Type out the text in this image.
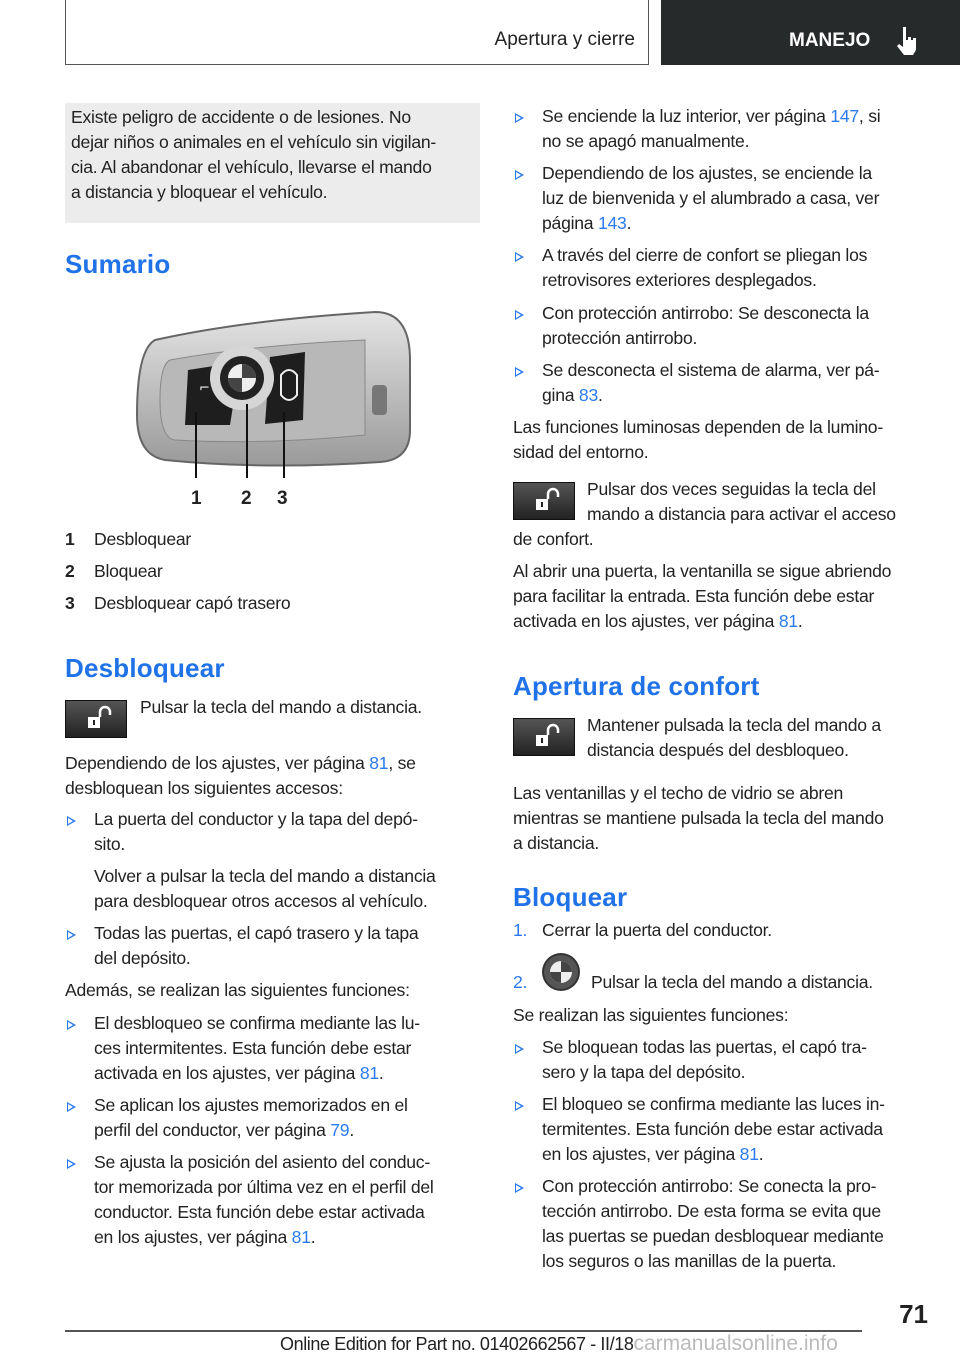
Apertura y cierre	MANEJO
Existe peligro de accidente o de lesiones. No
dejar niños o animales en el vehículo sin vigilan-
cia. Al abandonar el vehículo, llevarse el mando
a distancia y bloquear el vehículo.
Sumario
⌐
1 2 3
1 Desbloquear
2 Bloquear
3 Desbloquear capó trasero
Desbloquear
Pulsar la tecla del mando a distancia.
Dependiendo de los ajustes, ver página 81, se
desbloquean los siguientes accesos:
La puerta del conductor y la tapa del depó-
sito.
Volver a pulsar la tecla del mando a distancia
para desbloquear otros accesos al vehículo.
Todas las puertas, el capó trasero y la tapa
del depósito.
Además, se realizan las siguientes funciones:
El desbloqueo se confirma mediante las lu-
ces intermitentes. Esta función debe estar
activada en los ajustes, ver página 81.
Se aplican los ajustes memorizados en el
perfil del conductor, ver página 79.
Se ajusta la posición del asiento del conduc-
tor memorizada por última vez en el perfil del
conductor. Esta función debe estar activada
en los ajustes, ver página 81.
Se enciende la luz interior, ver página 147, si
no se apagó manualmente.
Dependiendo de los ajustes, se enciende la
luz de bienvenida y el alumbrado a casa, ver
página 143.
A través del cierre de confort se pliegan los
retrovisores exteriores desplegados.
Con protección antirrobo: Se desconecta la
protección antirrobo.
Se desconecta el sistema de alarma, ver pá-
gina 83.
Las funciones luminosas dependen de la lumino-
sidad del entorno.
Pulsar dos veces seguidas la tecla del
mando a distancia para activar el acceso
de confort.
Al abrir una puerta, la ventanilla se sigue abriendo
para facilitar la entrada. Esta función debe estar
activada en los ajustes, ver página 81.
Apertura de confort
Mantener pulsada la tecla del mando a
distancia después del desbloqueo.
Las ventanillas y el techo de vidrio se abren
mientras se mantiene pulsada la tecla del mando
a distancia.
Bloquear
1. Cerrar la puerta del conductor.
2.	Pulsar la tecla del mando a distancia.
Se realizan las siguientes funciones:
Se bloquean todas las puertas, el capó tra-
sero y la tapa del depósito.
El bloqueo se confirma mediante las luces in-
termitentes. Esta función debe estar activada
en los ajustes, ver página 81.
Con protección antirrobo: Se conecta la pro-
tección antirrobo. De esta forma se evita que
las puertas se puedan desbloquear mediante
los seguros o las manillas de la puerta.
71
Online Edition for Part no. 01402662567 - II/18carmanualsonline.info
